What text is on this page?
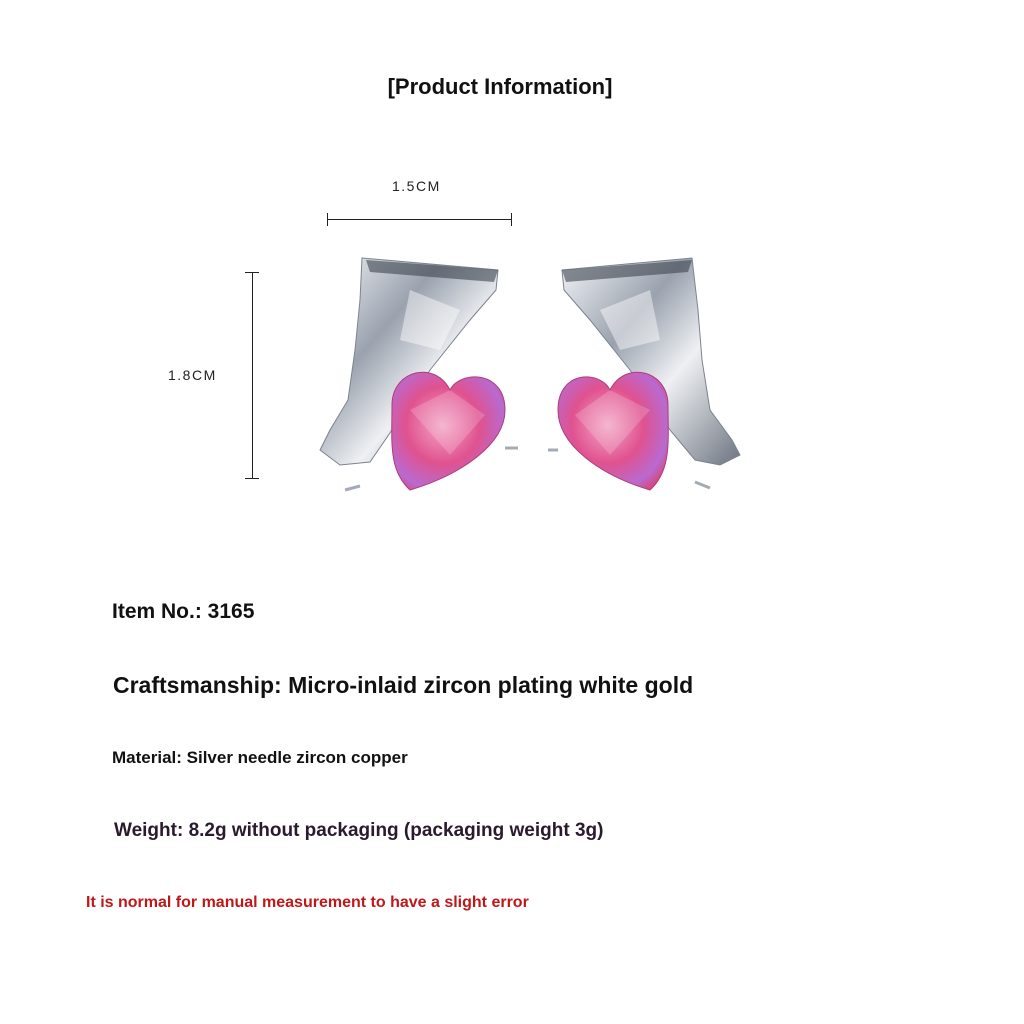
[Product Information]
1.5CM
1.8CM
Item No.: 3165
Craftsmanship: Micro-inlaid zircon plating white gold
Material: Silver needle zircon copper
Weight: 8.2g without packaging (packaging weight 3g)
It is normal for manual measurement to have a slight error
